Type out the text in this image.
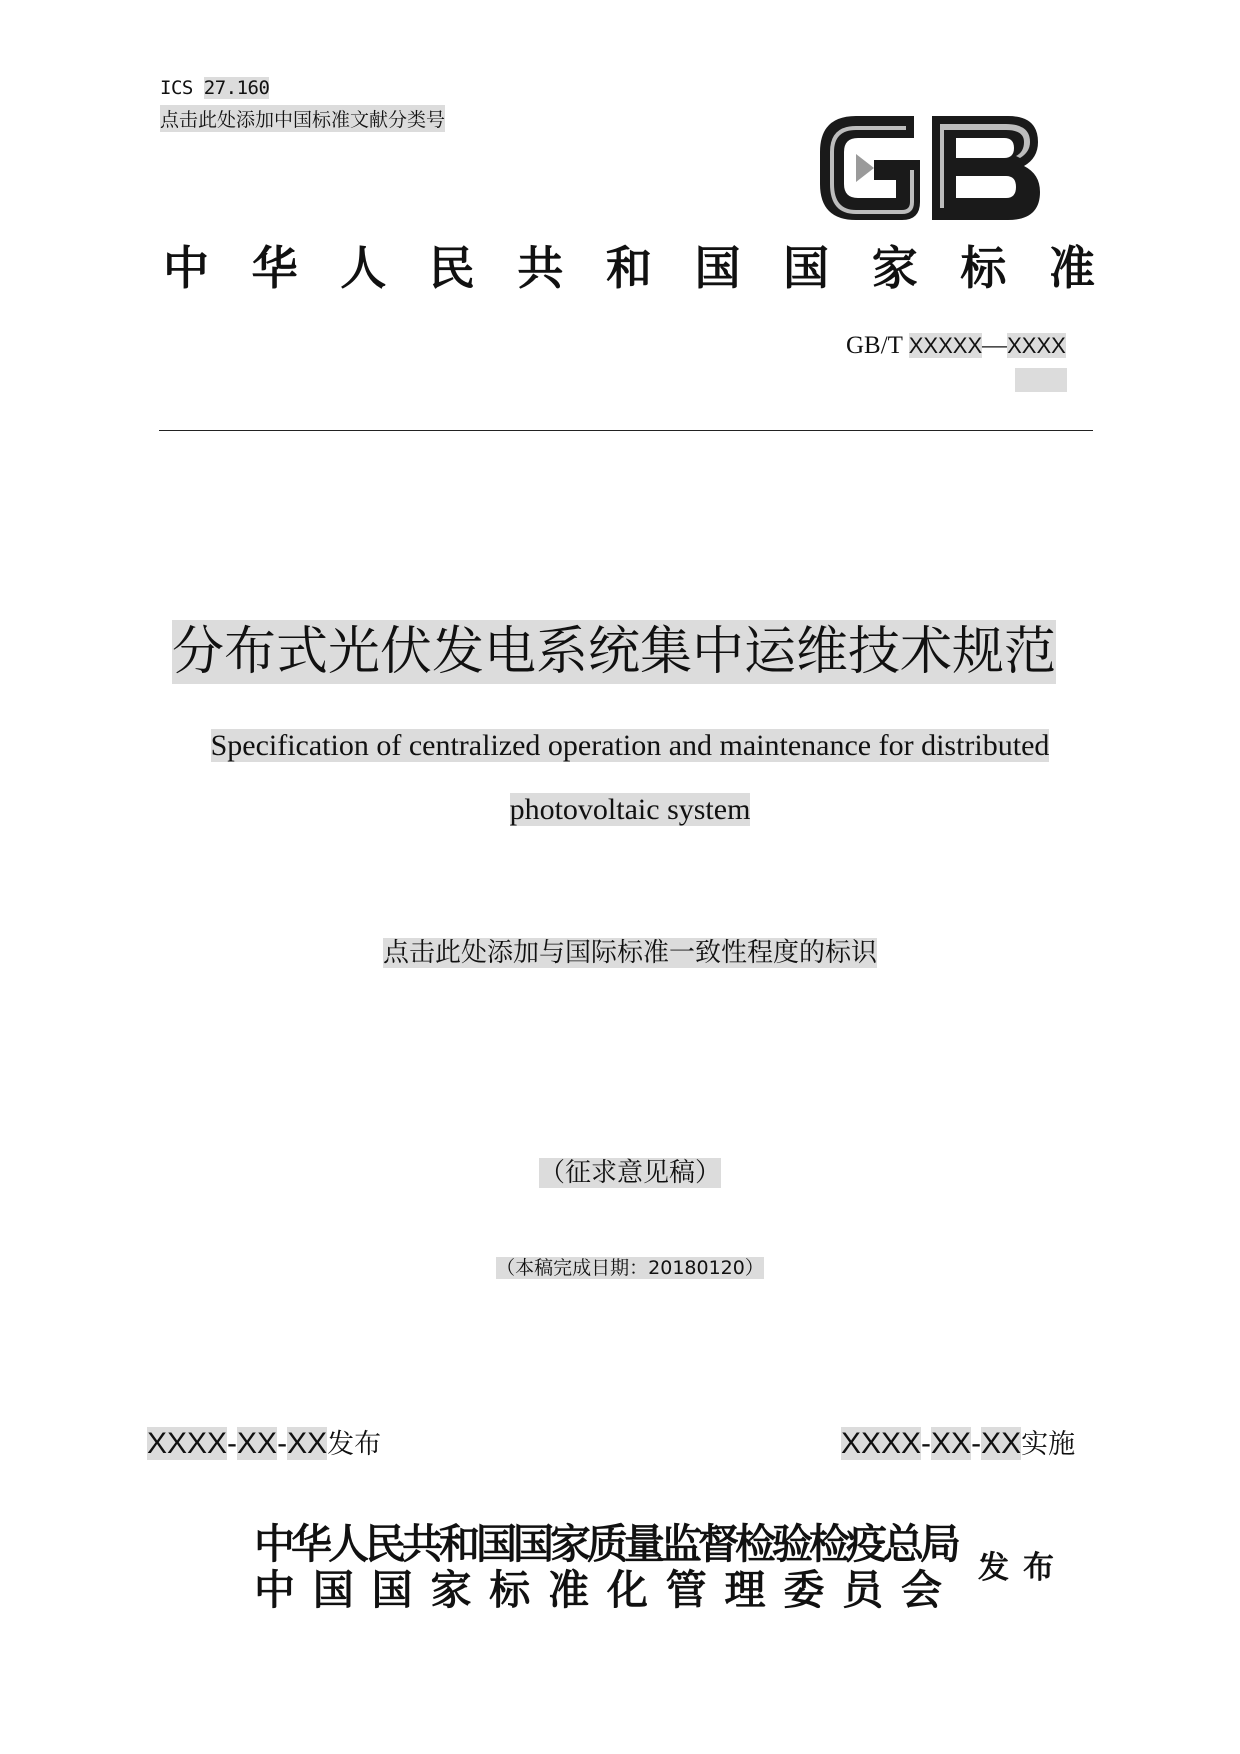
ICS 27.160
点击此处添加中国标准文献分类号
中 华 人 民 共 和 国 国 家 标 准
GB/T XXXXX—XXXX
分布式光伏发电系统集中运维技术规范
Specification of centralized operation and maintenance for distributed
photovoltaic system
点击此处添加与国际标准一致性程度的标识
（征求意见稿）
（本稿完成日期：20180120）
XXXX-XX-XX发布	XXXX-XX-XX实施
中华人民共和国国家质量监督检验检疫总局
中 国 国 家 标 准 化 管 理 委 员 会 发 布
